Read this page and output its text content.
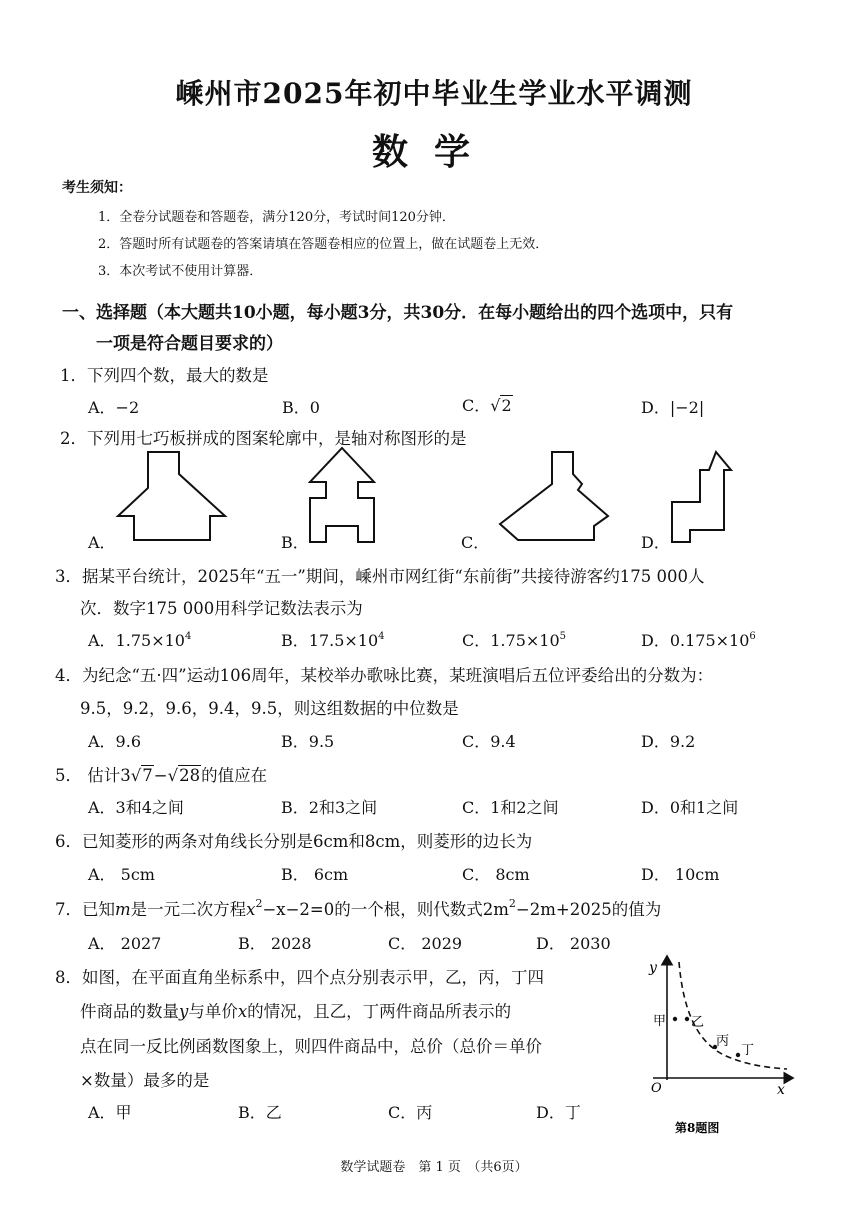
嵊州市2025年初中毕业生学业水平调测
数学
考生须知：
1．全卷分试题卷和答题卷，满分120分，考试时间120分钟．
2．答题时所有试题卷的答案请填在答题卷相应的位置上，做在试题卷上无效．
3．本次考试不使用计算器．
一、选择题（本大题共10小题，每小题3分，共30分．在每小题给出的四个选项中，只有
一项是符合题目要求的）
1．下列四个数，最大的数是
A．−2	B．0	C．√2	D．|−2|
2．下列用七巧板拼成的图案轮廓中，是轴对称图形的是
A．	B．	C．	D．
3．据某平台统计，2025年“五一”期间，嵊州市网红街“东前街”共接待游客约175 000人
次．数字175 000用科学记数法表示为
A．$1.75\times 10^4$	B．$17.5\times 10^4$	C．$1.75\times 10^5$	D．$0.175\times 10^6$
4．为纪念“五·四”运动106周年，某校举办歌咏比赛，某班演唱后五位评委给出的分数为：
9.5，9.2，9.6，9.4，9.5，则这组数据的中位数是
A．9.6	B．9.5	C．9.4	D．9.2
5． 估计3√7−√28的值应在
A．3和4之间	B．2和3之间	C．1和2之间	D．0和1之间
6．已知菱形的两条对角线长分别是6cm和8cm，则菱形的边长为
A． 5cm	B． 6cm	C． 8cm	D． 10cm
7．已知m是一元二次方程$x^2-x-2=0$的一个根，则代数式$2m^2-2m+2025$的值为
A． 2027	B． 2028	C． 2029	D． 2030
8．如图，在平面直角坐标系中，四个点分别表示甲，乙，丙，丁四
件商品的数量y与单价x的情况，且乙，丁两件商品所表示的
点在同一反比例函数图象上，则四件商品中，总价（总价＝单价
×数量）最多的是
A．甲	B．乙	C．丙	D．丁
y
x
O
甲 乙
丙
丁
第8题图
数学试题卷　第 1 页　（共6页）
